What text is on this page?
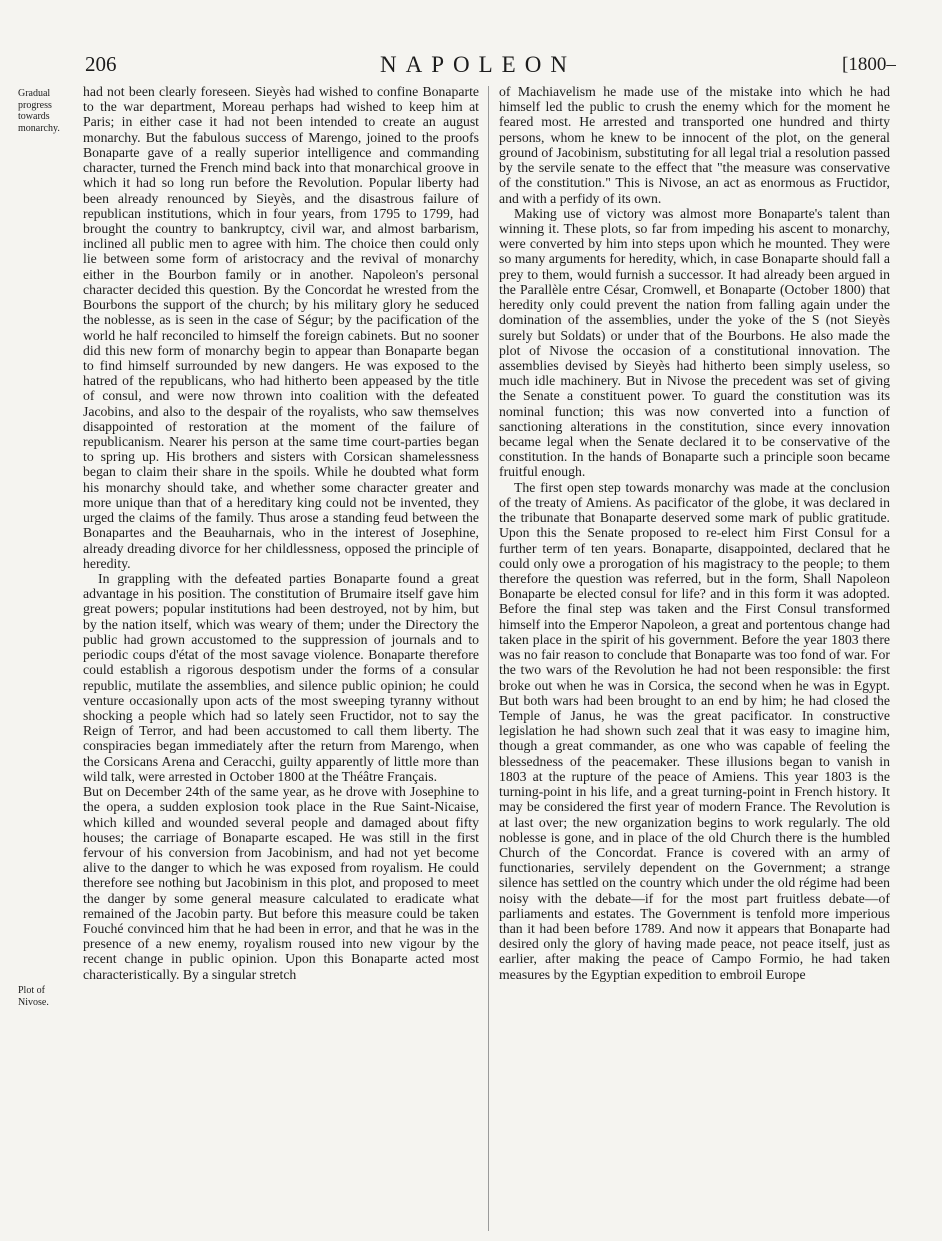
206	NAPOLEON	[1800–
Gradual progress towards monarchy.
Plot of Nivose.

had not been clearly foreseen. Sieyès had wished to confine Bonaparte to the war department, Moreau perhaps had wished to keep him at Paris; in either case it had not been intended to create an august monarchy. But the fabulous success of Marengo, joined to the proofs Bonaparte gave of a really superior intelligence and commanding character, turned the French mind back into that monarchical groove in which it had so long run before the Revolution. Popular liberty had been already renounced by Sieyès, and the disastrous failure of republican institutions, which in four years, from 1795 to 1799, had brought the country to bankruptcy, civil war, and almost barbarism, inclined all public men to agree with him. The choice then could only lie between some form of aristocracy and the revival of monarchy either in the Bourbon family or in another. Napoleon's personal character decided this question. By the Concordat he wrested from the Bourbons the support of the church; by his military glory he seduced the noblesse, as is seen in the case of Ségur; by the pacification of the world he half reconciled to himself the foreign cabinets. But no sooner did this new form of monarchy begin to appear than Bonaparte began to find himself surrounded by new dangers. He was exposed to the hatred of the republicans, who had hitherto been appeased by the title of consul, and were now thrown into coalition with the defeated Jacobins, and also to the despair of the royalists, who saw themselves disappointed of restoration at the moment of the failure of republicanism. Nearer his person at the same time court-parties began to spring up. His brothers and sisters with Corsican shamelessness began to claim their share in the spoils. While he doubted what form his monarchy should take, and whether some character greater and more unique than that of a hereditary king could not be invented, they urged the claims of the family. Thus arose a standing feud between the Bonapartes and the Beauharnais, who in the interest of Josephine, already dreading divorce for her childlessness, opposed the principle of heredity.

In grappling with the defeated parties Bonaparte found a great advantage in his position. The constitution of Brumaire itself gave him great powers; popular institutions had been destroyed, not by him, but by the nation itself, which was weary of them; under the Directory the public had grown accustomed to the suppression of journals and to periodic coups d'état of the most savage violence. Bonaparte therefore could establish a rigorous despotism under the forms of a consular republic, mutilate the assemblies, and silence public opinion; he could venture occasionally upon acts of the most sweeping tyranny without shocking a people which had so lately seen Fructidor, not to say the Reign of Terror, and had been accustomed to call them liberty. The conspiracies began immediately after the return from Marengo, when the Corsicans Arena and Ceracchi, guilty apparently of little more than wild talk, were arrested in October 1800 at the Théâtre Français.

But on December 24th of the same year, as he drove with Josephine to the opera, a sudden explosion took place in the Rue Saint-Nicaise, which killed and wounded several people and damaged about fifty houses; the carriage of Bonaparte escaped. He was still in the first fervour of his conversion from Jacobinism, and had not yet become alive to the danger to which he was exposed from royalism. He could therefore see nothing but Jacobinism in this plot, and proposed to meet the danger by some general measure calculated to eradicate what remained of the Jacobin party. But before this measure could be taken Fouché convinced him that he had been in error, and that he was in the presence of a new enemy, royalism roused into new vigour by the recent change in public opinion. Upon this Bonaparte acted most characteristically. By a singular stretch

of Machiavelism he made use of the mistake into which he had himself led the public to crush the enemy which for the moment he feared most. He arrested and transported one hundred and thirty persons, whom he knew to be innocent of the plot, on the general ground of Jacobinism, substituting for all legal trial a resolution passed by the servile senate to the effect that "the measure was conservative of the constitution." This is Nivose, an act as enormous as Fructidor, and with a perfidy of its own.

Making use of victory was almost more Bonaparte's talent than winning it. These plots, so far from impeding his ascent to monarchy, were converted by him into steps upon which he mounted. They were so many arguments for heredity, which, in case Bonaparte should fall a prey to them, would furnish a successor. It had already been argued in the Parallèle entre César, Cromwell, et Bonaparte (October 1800) that heredity only could prevent the nation from falling again under the domination of the assemblies, under the yoke of the S (not Sieyès surely but Soldats) or under that of the Bourbons. He also made the plot of Nivose the occasion of a constitutional innovation. The assemblies devised by Sieyès had hitherto been simply useless, so much idle machinery. But in Nivose the precedent was set of giving the Senate a constituent power. To guard the constitution was its nominal function; this was now converted into a function of sanctioning alterations in the constitution, since every innovation became legal when the Senate declared it to be conservative of the constitution. In the hands of Bonaparte such a principle soon became fruitful enough.

The first open step towards monarchy was made at the conclusion of the treaty of Amiens. As pacificator of the globe, it was declared in the tribunate that Bonaparte deserved some mark of public gratitude. Upon this the Senate proposed to re-elect him First Consul for a further term of ten years. Bonaparte, disappointed, declared that he could only owe a prorogation of his magistracy to the people; to them therefore the question was referred, but in the form, Shall Napoleon Bonaparte be elected consul for life? and in this form it was adopted. Before the final step was taken and the First Consul transformed himself into the Emperor Napoleon, a great and portentous change had taken place in the spirit of his government. Before the year 1803 there was no fair reason to conclude that Bonaparte was too fond of war. For the two wars of the Revolution he had not been responsible: the first broke out when he was in Corsica, the second when he was in Egypt. But both wars had been brought to an end by him; he had closed the Temple of Janus, he was the great pacificator. In constructive legislation he had shown such zeal that it was easy to imagine him, though a great commander, as one who was capable of feeling the blessedness of the peacemaker. These illusions began to vanish in 1803 at the rupture of the peace of Amiens. This year 1803 is the turning-point in his life, and a great turning-point in French history. It may be considered the first year of modern France. The Revolution is at last over; the new organization begins to work regularly. The old noblesse is gone, and in place of the old Church there is the humbled Church of the Concordat. France is covered with an army of functionaries, servilely dependent on the Government; a strange silence has settled on the country which under the old régime had been noisy with the debate—if for the most part fruitless debate—of parliaments and estates. The Government is tenfold more imperious than it had been before 1789. And now it appears that Bonaparte had desired only the glory of having made peace, not peace itself, just as earlier, after making the peace of Campo Formio, he had taken measures by the Egyptian expedition to embroil Europe
